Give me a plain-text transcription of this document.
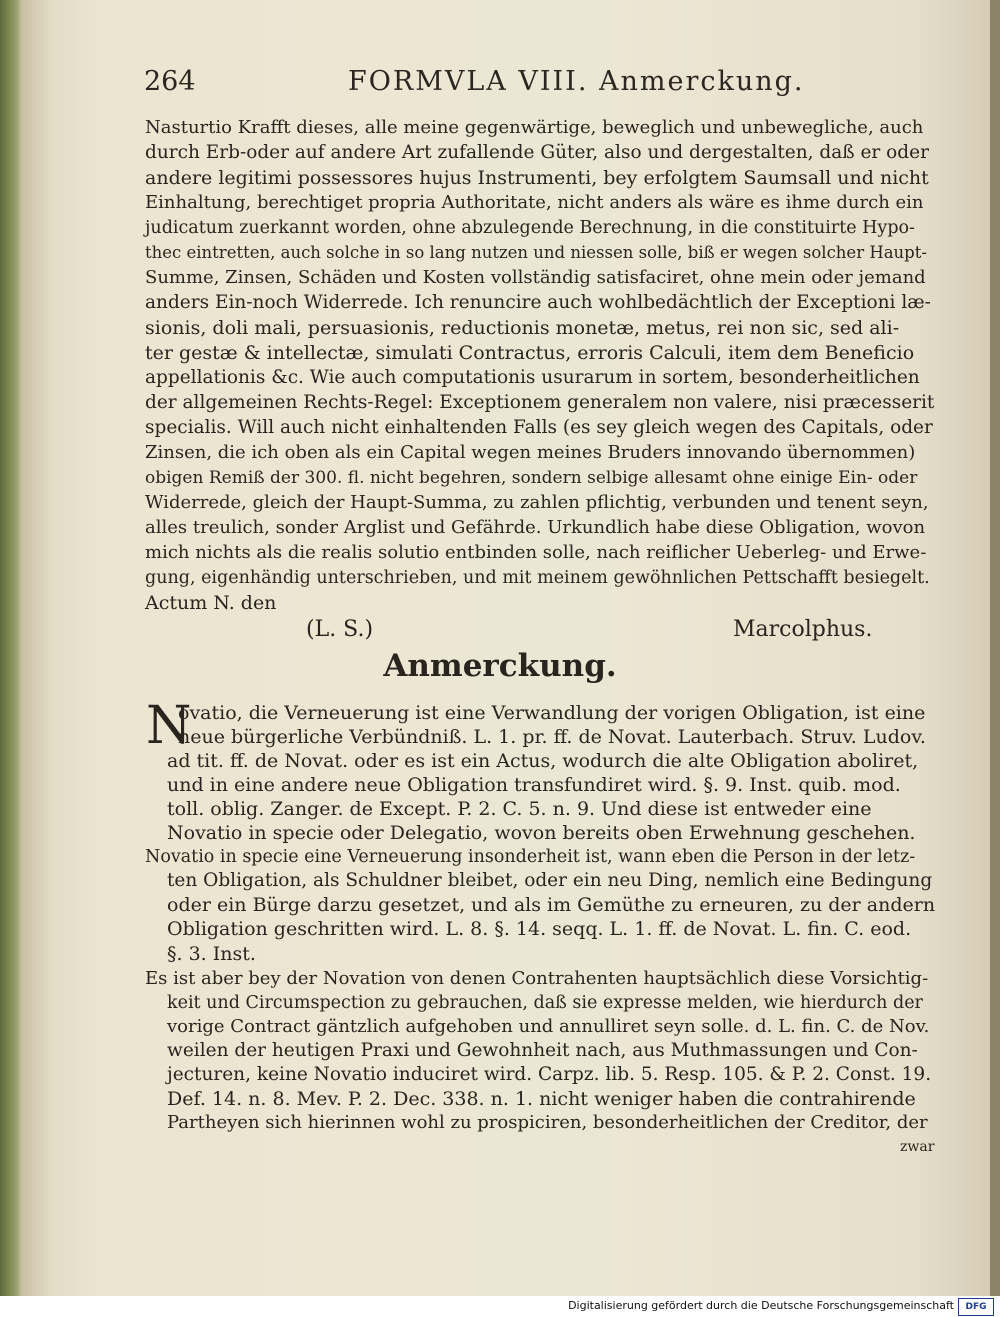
264	FORMVLA VIII. Anmerckung.
Nasturtio Krafft dieses, alle meine gegenwärtige, beweglich und unbewegliche, auch
durch Erb-oder auf andere Art zufallende Güter, also und dergestalten, daß er oder
andere legitimi possessores hujus Instrumenti, bey erfolgtem Saumsall und nicht
Einhaltung, berechtiget propria Authoritate, nicht anders als wäre es ihme durch ein
judicatum zuerkannt worden, ohne abzulegende Berechnung, in die constituirte Hypo-
thec eintretten, auch solche in so lang nutzen und niessen solle, biß er wegen solcher Haupt-
Summe, Zinsen, Schäden und Kosten vollständig satisfaciret, ohne mein oder jemand
anders Ein-noch Widerrede. Ich renuncire auch wohlbedächtlich der Exceptioni læ-
sionis, doli mali, persuasionis, reductionis monetæ, metus, rei non sic, sed ali-
ter gestæ & intellectæ, simulati Contractus, erroris Calculi, item dem Beneficio
appellationis &c. Wie auch computationis usurarum in sortem, besonderheitlichen
der allgemeinen Rechts-Regel: Exceptionem generalem non valere, nisi præcesserit
specialis. Will auch nicht einhaltenden Falls (es sey gleich wegen des Capitals, oder
Zinsen, die ich oben als ein Capital wegen meines Bruders innovando übernommen)
obigen Remiß der 300. fl. nicht begehren, sondern selbige allesamt ohne einige Ein- oder
Widerrede, gleich der Haupt-Summa, zu zahlen pflichtig, verbunden und tenent seyn,
alles treulich, sonder Arglist und Gefährde. Urkundlich habe diese Obligation, wovon
mich nichts als die realis solutio entbinden solle, nach reiflicher Ueberleg- und Erwe-
gung, eigenhändig unterschrieben, und mit meinem gewöhnlichen Pettschafft besiegelt.
Actum N. den
(L. S.)	Marcolphus.
Anmerckung.
N
ovatio, die Verneuerung ist eine Verwandlung der vorigen Obligation, ist eine
neue bürgerliche Verbündniß. L. 1. pr. ff. de Novat. Lauterbach. Struv. Ludov.
ad tit. ff. de Novat. oder es ist ein Actus, wodurch die alte Obligation aboliret,
und in eine andere neue Obligation transfundiret wird. §. 9. Inst. quib. mod.
toll. oblig. Zanger. de Except. P. 2. C. 5. n. 9. Und diese ist entweder eine
Novatio in specie oder Delegatio, wovon bereits oben Erwehnung geschehen.
Novatio in specie eine Verneuerung insonderheit ist, wann eben die Person in der letz-
ten Obligation, als Schuldner bleibet, oder ein neu Ding, nemlich eine Bedingung
oder ein Bürge darzu gesetzet, und als im Gemüthe zu erneuren, zu der andern
Obligation geschritten wird. L. 8. §. 14. seqq. L. 1. ff. de Novat. L. fin. C. eod.
§. 3. Inst.
Es ist aber bey der Novation von denen Contrahenten hauptsächlich diese Vorsichtig-
keit und Circumspection zu gebrauchen, daß sie expresse melden, wie hierdurch der
vorige Contract gäntzlich aufgehoben und annulliret seyn solle. d. L. fin. C. de Nov.
weilen der heutigen Praxi und Gewohnheit nach, aus Muthmassungen und Con-
jecturen, keine Novatio induciret wird. Carpz. lib. 5. Resp. 105. & P. 2. Const. 19.
Def. 14. n. 8. Mev. P. 2. Dec. 338. n. 1. nicht weniger haben die contrahirende
Partheyen sich hierinnen wohl zu prospiciren, besonderheitlichen der Creditor, der
zwar
Digitalisierung gefördert durch die Deutsche Forschungsgemeinschaft	DFG
